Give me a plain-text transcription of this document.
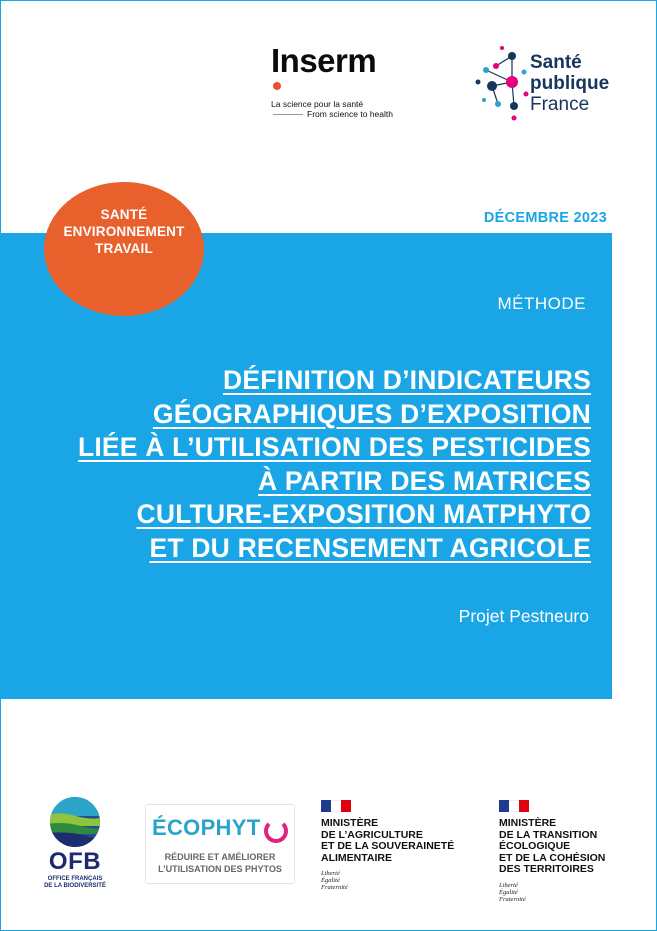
Inserm
La science pour la santé
From science to health
Santé
publique
France
DÉCEMBRE 2023
SANTÉ
ENVIRONNEMENT
TRAVAIL
MÉTHODE
DÉFINITION D’INDICATEURS
GÉOGRAPHIQUES D’EXPOSITION
LIÉE À L’UTILISATION DES PESTICIDES
À PARTIR DES MATRICES
CULTURE-EXPOSITION MATPHYTO
ET DU RECENSEMENT AGRICOLE
Projet Pestneuro
OFB
OFFICE FRANÇAIS
DE LA BIODIVERSITÉ
ÉCOPHYT
RÉDUIRE ET AMÉLIORER
L’UTILISATION DES PHYTOS
MINISTÈRE
DE L’AGRICULTURE
ET DE LA SOUVERAINETÉ
ALIMENTAIRE
Liberté
Égalité
Fraternité
MINISTÈRE
DE LA TRANSITION
ÉCOLOGIQUE
ET DE LA COHÉSION
DES TERRITOIRES
Liberté
Égalité
Fraternité
